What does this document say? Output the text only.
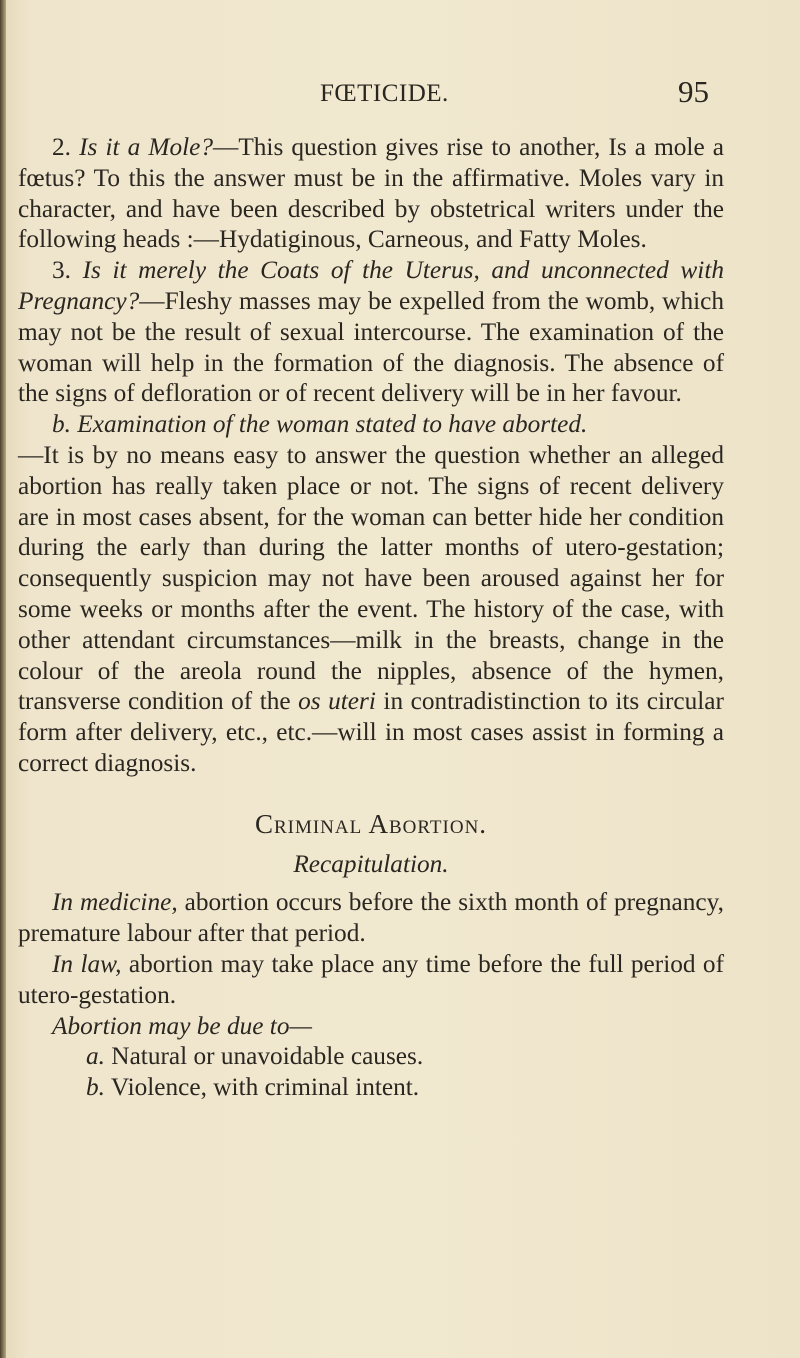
FŒTICIDE.	95

2. Is it a Mole?—This question gives rise to another, Is a mole a fœtus? To this the answer must be in the affirmative. Moles vary in character, and have been described by obstetrical writers under the following heads :—Hydatiginous, Carneous, and Fatty Moles.

3. Is it merely the Coats of the Uterus, and unconnected with Pregnancy?—Fleshy masses may be expelled from the womb, which may not be the result of sexual intercourse. The examination of the woman will help in the formation of the diagnosis. The absence of the signs of defloration or of recent delivery will be in her favour.

b. Examination of the woman stated to have aborted.

—It is by no means easy to answer the question whether an alleged abortion has really taken place or not. The signs of recent delivery are in most cases absent, for the woman can better hide her condition during the early than during the latter months of utero-gestation; consequently suspicion may not have been aroused against her for some weeks or months after the event. The history of the case, with other attendant circumstances—milk in the breasts, change in the colour of the areola round the nipples, absence of the hymen, transverse condition of the os uteri in contradistinction to its circular form after delivery, etc., etc.—will in most cases assist in forming a correct diagnosis.

Criminal Abortion.

Recapitulation.

In medicine, abortion occurs before the sixth month of pregnancy, premature labour after that period.

In law, abortion may take place any time before the full period of utero-gestation.

Abortion may be due to—

a. Natural or unavoidable causes.

b. Violence, with criminal intent.
